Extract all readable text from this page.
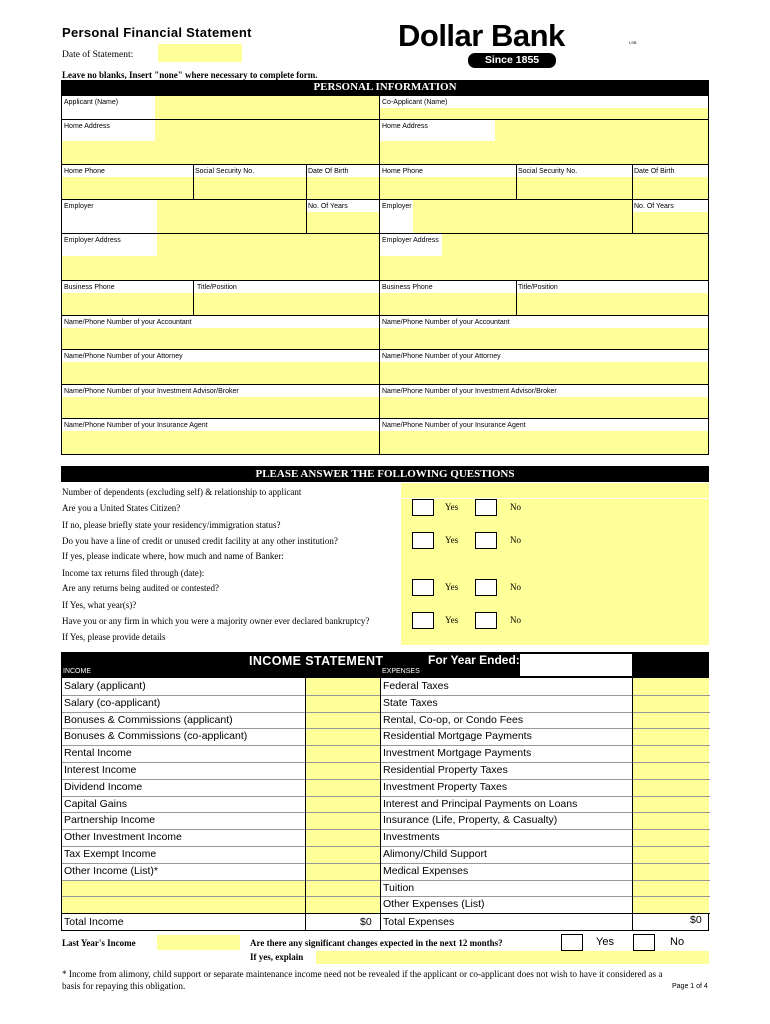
Personal Financial Statement
Date of Statement:
Leave no blanks, Insert "none" where necessary to complete form.
Dollar Bank	LSB
Since 1855
PERSONAL INFORMATION
Applicant (Name)
Home Address
Home Phone	Social Security No.	Date Of Birth
Employer	No. Of Years
Employer Address
Business Phone	Title/Position
Name/Phone Number of your Accountant
Name/Phone Number of your Attorney
Name/Phone Number of your Investment Advisor/Broker
Name/Phone Number of your Insurance Agent
Co-Applicant (Name)
Home Address
Home Phone	Social Security No.	Date Of Birth
Employer	No. Of Years
Employer Address
Business Phone	Title/Position
Name/Phone Number of your Accountant
Name/Phone Number of your Attorney
Name/Phone Number of your Investment Advisor/Broker
Name/Phone Number of your Insurance Agent
PLEASE ANSWER THE FOLLOWING QUESTIONS
Number of dependents (excluding self) & relationship to applicant
Are you a United States Citizen?	Yes	No
If no, please briefly state your residency/immigration status?
Do you have a line of credit or unused credit facility at any other institution?	Yes	No
If yes, please indicate where, how much and name of Banker:
Income tax returns filed through (date):
Are any returns being audited or contested?	Yes	No
If Yes, what year(s)?
Have you or any firm in which you were a majority owner ever declared bankruptcy?	Yes	No
If Yes, please provide details
INCOME STATEMENT	For Year Ended:
INCOME	EXPENSES
Salary (applicant)
Salary (co-applicant)
Bonuses & Commissions (applicant)
Bonuses & Commissions (co-applicant)
Rental Income
Interest Income
Dividend Income
Capital Gains
Partnership Income
Other Investment Income
Tax Exempt Income
Other Income (List)*
Federal Taxes
State Taxes
Rental, Co-op, or Condo Fees
Residential Mortgage Payments
Investment Mortgage Payments
Residential Property Taxes
Investment Property Taxes
Interest and Principal Payments on Loans
Insurance (Life, Property, & Casualty)
Investments
Alimony/Child Support
Medical Expenses
Tuition
Other Expenses (List)
Total Income	$0 Total Expenses	$0
Last Year's Income	Are there any significant changes expected in the next 12 months?	Yes	No
If yes, explain
* Income from alimony, child support or separate maintenance income need not be revealed if the applicant or co-applicant does not wish to have it considered as a basis for repaying this obligation.	Page 1 of 4
